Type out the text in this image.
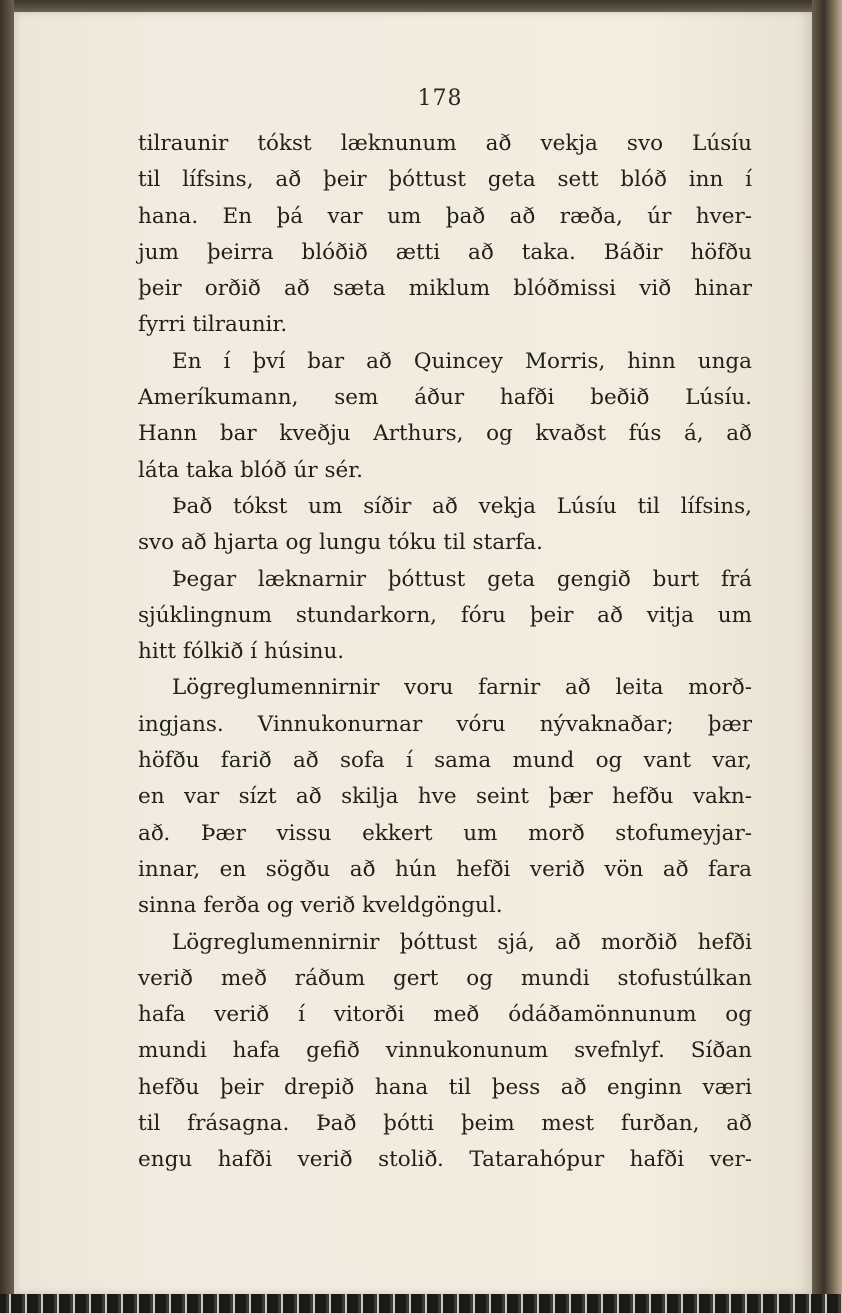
178
tilraunir tókst læknunum að vekja svo Lúsíu
til lífsins, að þeir þóttust geta sett blóð inn í
hana. En þá var um það að ræða, úr hver-
jum þeirra blóðið ætti að taka. Báðir höfðu
þeir orðið að sæta miklum blóðmissi við hinar
fyrri tilraunir.
En í því bar að Quincey Morris, hinn unga
Ameríkumann, sem áður hafði beðið Lúsíu.
Hann bar kveðju Arthurs, og kvaðst fús á, að
láta taka blóð úr sér.
Það tókst um síðir að vekja Lúsíu til lífsins,
svo að hjarta og lungu tóku til starfa.
Þegar læknarnir þóttust geta gengið burt frá
sjúklingnum stundarkorn, fóru þeir að vitja um
hitt fólkið í húsinu.
Lögreglumennirnir voru farnir að leita morð-
ingjans. Vinnukonurnar vóru nývaknaðar; þær
höfðu farið að sofa í sama mund og vant var,
en var sízt að skilja hve seint þær hefðu vakn-
að. Þær vissu ekkert um morð stofumeyjar-
innar, en sögðu að hún hefði verið vön að fara
sinna ferða og verið kveldgöngul.
Lögreglumennirnir þóttust sjá, að morðið hefði
verið með ráðum gert og mundi stofustúlkan
hafa verið í vitorði með ódáðamönnunum og
mundi hafa gefið vinnukonunum svefnlyf. Síðan
hefðu þeir drepið hana til þess að enginn væri
til frásagna. Það þótti þeim mest furðan, að
engu hafði verið stolið. Tatarahópur hafði ver-
